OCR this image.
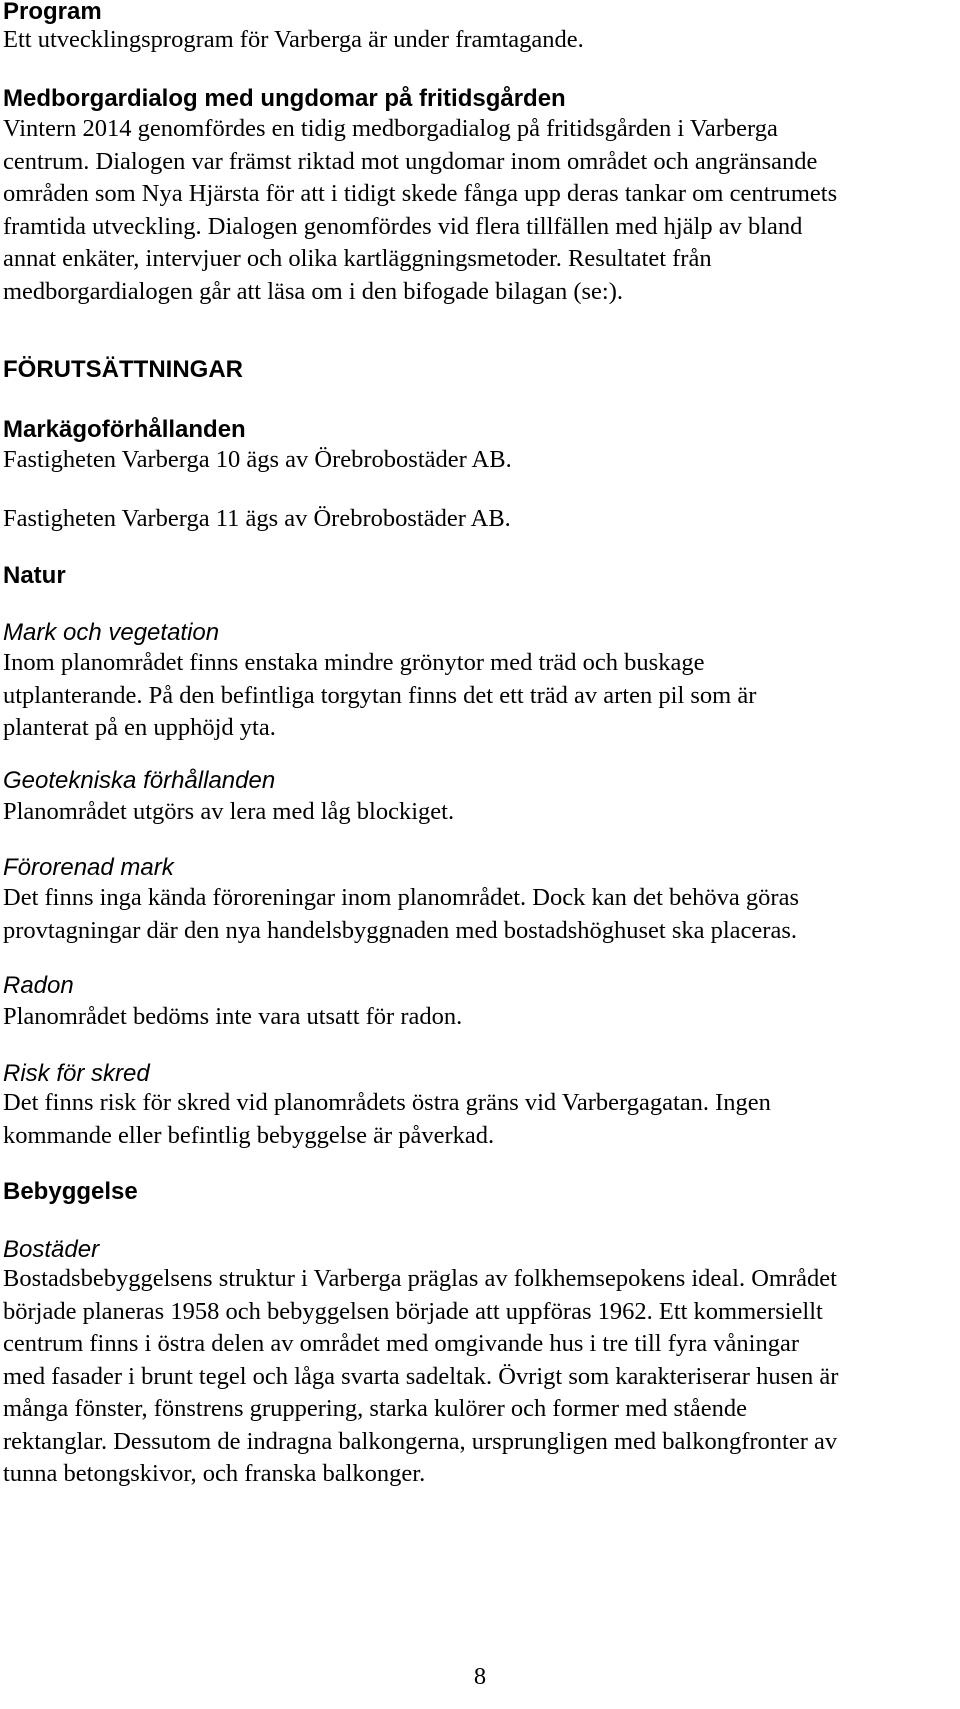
Program
Ett utvecklingsprogram för Varberga är under framtagande.
Medborgardialog med ungdomar på fritidsgården
Vintern 2014 genomfördes en tidig medborgadialog på fritidsgården i Varberga
centrum. Dialogen var främst riktad mot ungdomar inom området och angränsande
områden som Nya Hjärsta för att i tidigt skede fånga upp deras tankar om centrumets
framtida utveckling. Dialogen genomfördes vid flera tillfällen med hjälp av bland
annat enkäter, intervjuer och olika kartläggningsmetoder. Resultatet från
medborgardialogen går att läsa om i den bifogade bilagan (se:).
FÖRUTSÄTTNINGAR
Markägoförhållanden
Fastigheten Varberga 10 ägs av Örebrobostäder AB.
Fastigheten Varberga 11 ägs av Örebrobostäder AB.
Natur
Mark och vegetation
Inom planområdet finns enstaka mindre grönytor med träd och buskage
utplanterande. På den befintliga torgytan finns det ett träd av arten pil som är
planterat på en upphöjd yta.
Geotekniska förhållanden
Planområdet utgörs av lera med låg blockiget.
Förorenad mark
Det finns inga kända föroreningar inom planområdet. Dock kan det behöva göras
provtagningar där den nya handelsbyggnaden med bostadshöghuset ska placeras.
Radon
Planområdet bedöms inte vara utsatt för radon.
Risk för skred
Det finns risk för skred vid planområdets östra gräns vid Varbergagatan. Ingen
kommande eller befintlig bebyggelse är påverkad.
Bebyggelse
Bostäder
Bostadsbebyggelsens struktur i Varberga präglas av folkhemsepokens ideal. Området
började planeras 1958 och bebyggelsen började att uppföras 1962. Ett kommersiellt
centrum finns i östra delen av området med omgivande hus i tre till fyra våningar
med fasader i brunt tegel och låga svarta sadeltak. Övrigt som karakteriserar husen är
många fönster, fönstrens gruppering, starka kulörer och former med stående
rektanglar. Dessutom de indragna balkongerna, ursprungligen med balkongfronter av
tunna betongskivor, och franska balkonger.
8
